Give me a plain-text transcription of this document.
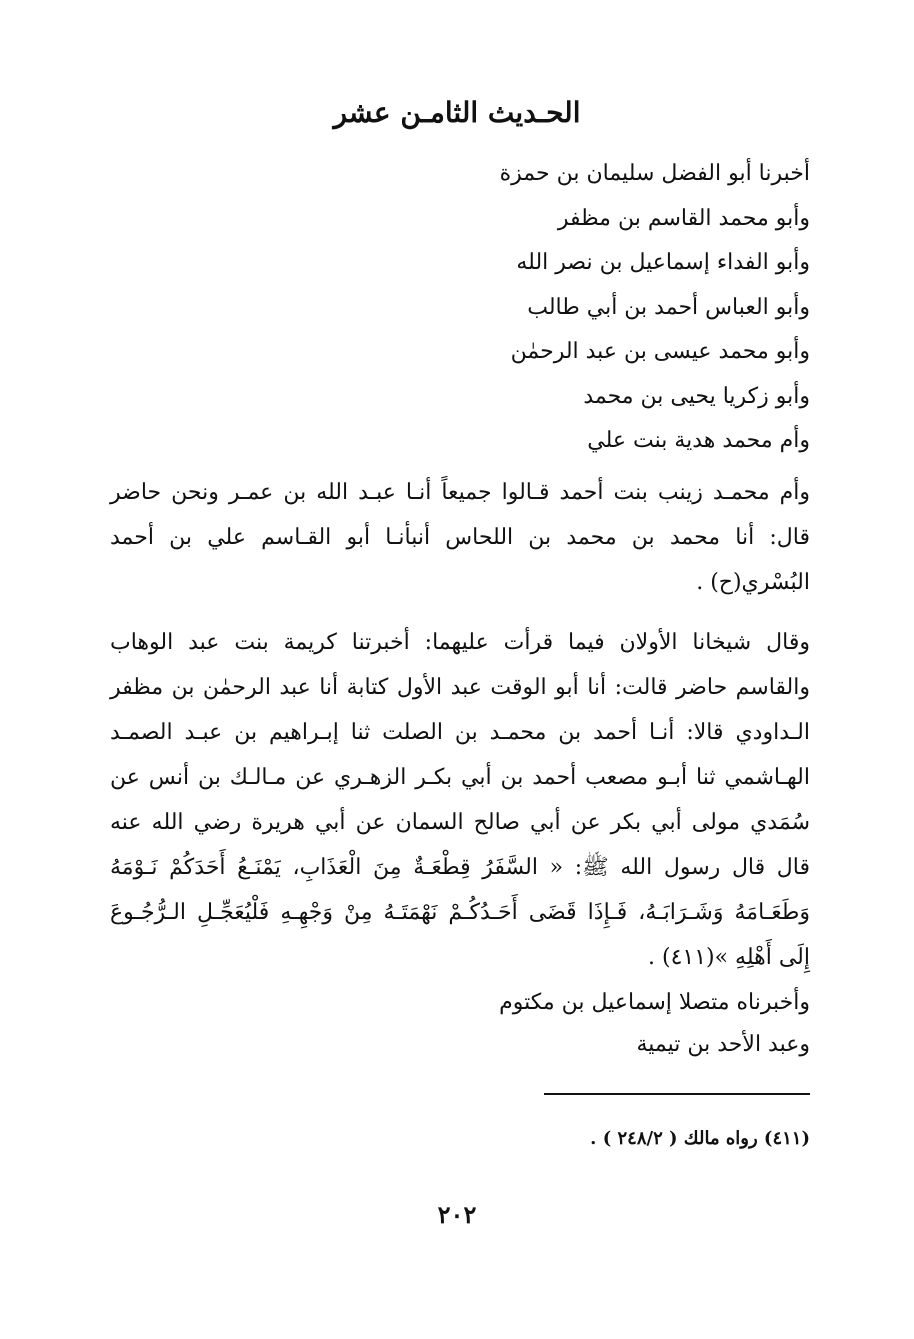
الحـديث الثامـن عشر
أخبرنا أبو الفضل سليمان بن حمزة
وأبو محمد القاسم بن مظفر
وأبو الفداء إسماعيل بن نصر الله
وأبو العباس أحمد بن أبي طالب
وأبو محمد عيسى بن عبد الرحمٰن
وأبو زكريا يحيى بن محمد
وأم محمد هدية بنت علي
وأم محمـد زينب بنت أحمد قـالوا جميعاً أنـا عبـد الله بن عمـر ونحن حاضر قال: أنا محمد بن محمد بن اللحاس أنبأنـا أبو القـاسم علي بن أحمد البُسْري(ح) .
وقال شيخانا الأولان فيما قرأت عليهما: أخبرتنا كريمة بنت عبد الوهاب والقاسم حاضر قالت: أنا أبو الوقت عبد الأول كتابة أنا عبد الرحمٰن بن مظفر الـداودي قالا: أنـا أحمد بن محمـد بن الصلت ثنا إبـراهيم بن عبـد الصمـد الهـاشمي ثنا أبـو مصعب أحمد بن أبي بكـر الزهـري عن مـالـك بن أنس عن سُمَدي مولى أبي بكر عن أبي صالح السمان عن أبي هريرة رضي الله عنه قال قال رسول الله ﷺ: « السَّفَرُ قِطْعَـةٌ مِنَ الْعَذَابِ، يَمْنَـعُ أَحَدَكُمْ نَـوْمَهُ وَطَعَـامَهُ وَشَـرَابَـهُ، فَـإِذَا قَضَى أَحَـدُكُـمْ نَهْمَتَـهُ مِنْ وَجْهِـهِ فَلْيُعَجِّـلِ الـرُّجُـوعَ إِلَى أَهْلِهِ »(٤١١) .
وأخبرناه متصلا إسماعيل بن مكتوم
وعبد الأحد بن تيمية
(٤١١) رواه مالك ( ٢٤٨/٢ ) .
٢٠٢
